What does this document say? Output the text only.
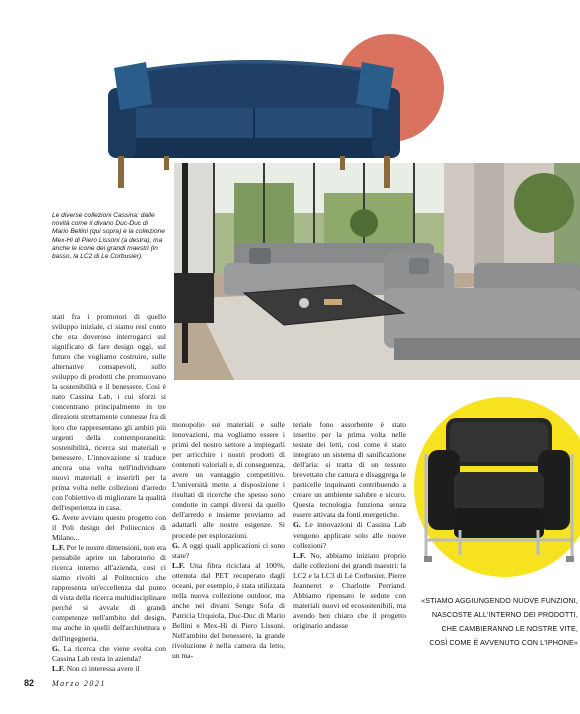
Le diverse collezioni Cassina: dalle novità come il divano Duc-Duc di Mario Bellini (qui sopra) e la collezione Mex-Hi di Piero Lissoni (a destra), ma anche le icone dei grandi maestri (in basso, la LC2 di Le Corbusier).

stati fra i promotori di quello sviluppo iniziale, ci siamo resi conto che era doveroso interrogarci sul significato di fare design oggi, sul futuro che vogliamo costruire, sulle alternative consapevoli, sullo sviluppo di prodotti che promuovano la sostenibilità e il benessere. Così è nato Cassina Lab, i cui sforzi si concentrano principalmente in tre direzioni strettamente connesse fra di loro che rappresentano gli ambiti più urgenti della contemporaneità: sostenibilità, ricerca sui materiali e benessere. L'innovazione si traduce ancora una volta nell'individuare nuovi materiali e inserirli per la prima volta nelle collezioni d'arredo con l'obiettivo di migliorare la qualità dell'esperienza in casa.

G. Avete avviato questo progetto con il Poli design del Politecnico di Milano...

L.F. Per le nostre dimensioni, non era pensabile aprire un laboratorio di ricerca interno all'azienda, così ci siamo rivolti al Politecnico che rappresenta un'eccellenza dal punto di vista della ricerca multidisciplinare perché si avvale di grandi competenze nell'ambito del design, ma anche in quelli dell'architettura e dell'ingegneria.

G. La ricerca che viene svolta con Cassina Lab resta in azienda?

L.F. Non ci interessa avere il

monopolio sui materiali e sulle innovazioni, ma vogliamo essere i primi del nostro settore a impiegarli per arricchire i nostri prodotti di contenuti valoriali e, di conseguenza, avere un vantaggio competitivo. L'università mette a disposizione i risultati di ricerche che spesso sono condotte in campi diversi da quello dell'arredo e insieme proviamo ad adattarli alle nostre esigenze. Si procede per esplorazioni.

G. A oggi quali applicazioni ci sono state?

L.F. Una fibra riciclata al 100%, ottenuta dal PET recuperato dagli oceani, per esempio, è stata utilizzata nella nuova collezione outdoor, ma anche nei divani Sengu Sofa di Patricia Urquiola, Duc-Duc di Mario Bellini e Mex-Hi di Piero Lissoni. Nell'ambito del benessere, la grande rivoluzione è nella camera da letto, un ma-

teriale fono assorbente è stato inserito per la prima volta nelle testate dei letti, così come è stato integrato un sistema di sanificazione dell'aria: si tratta di un tessuto brevettato che cattura e disaggrega le particelle inquinanti contribuendo a creare un ambiente salubre e sicuro. Questa tecnologia funziona senza essere attivata da fonti energetiche.

G. Le innovazioni di Cassina Lab vengono applicate solo alle nuove collezioni?

L.F. No, abbiamo iniziato proprio dalle collezioni dei grandi maestri: la LC2 e la LC3 di Le Corbusier, Pierre Jeanneret e Charlotte Perriand. Abbiamo ripensato le sedute con materiali nuovi ed ecosostenibili, ma avendo ben chiaro che il progetto originario andasse

«STIAMO AGGIUNGENDO NUOVE FUNZIONI,
NASCOSTE ALL'INTERNO DEI PRODOTTI,
CHE CAMBIERANNO LE NOSTRE VITE,
COSÌ COME È AVVENUTO CON L'IPHONE»
82 Marzo 2021
